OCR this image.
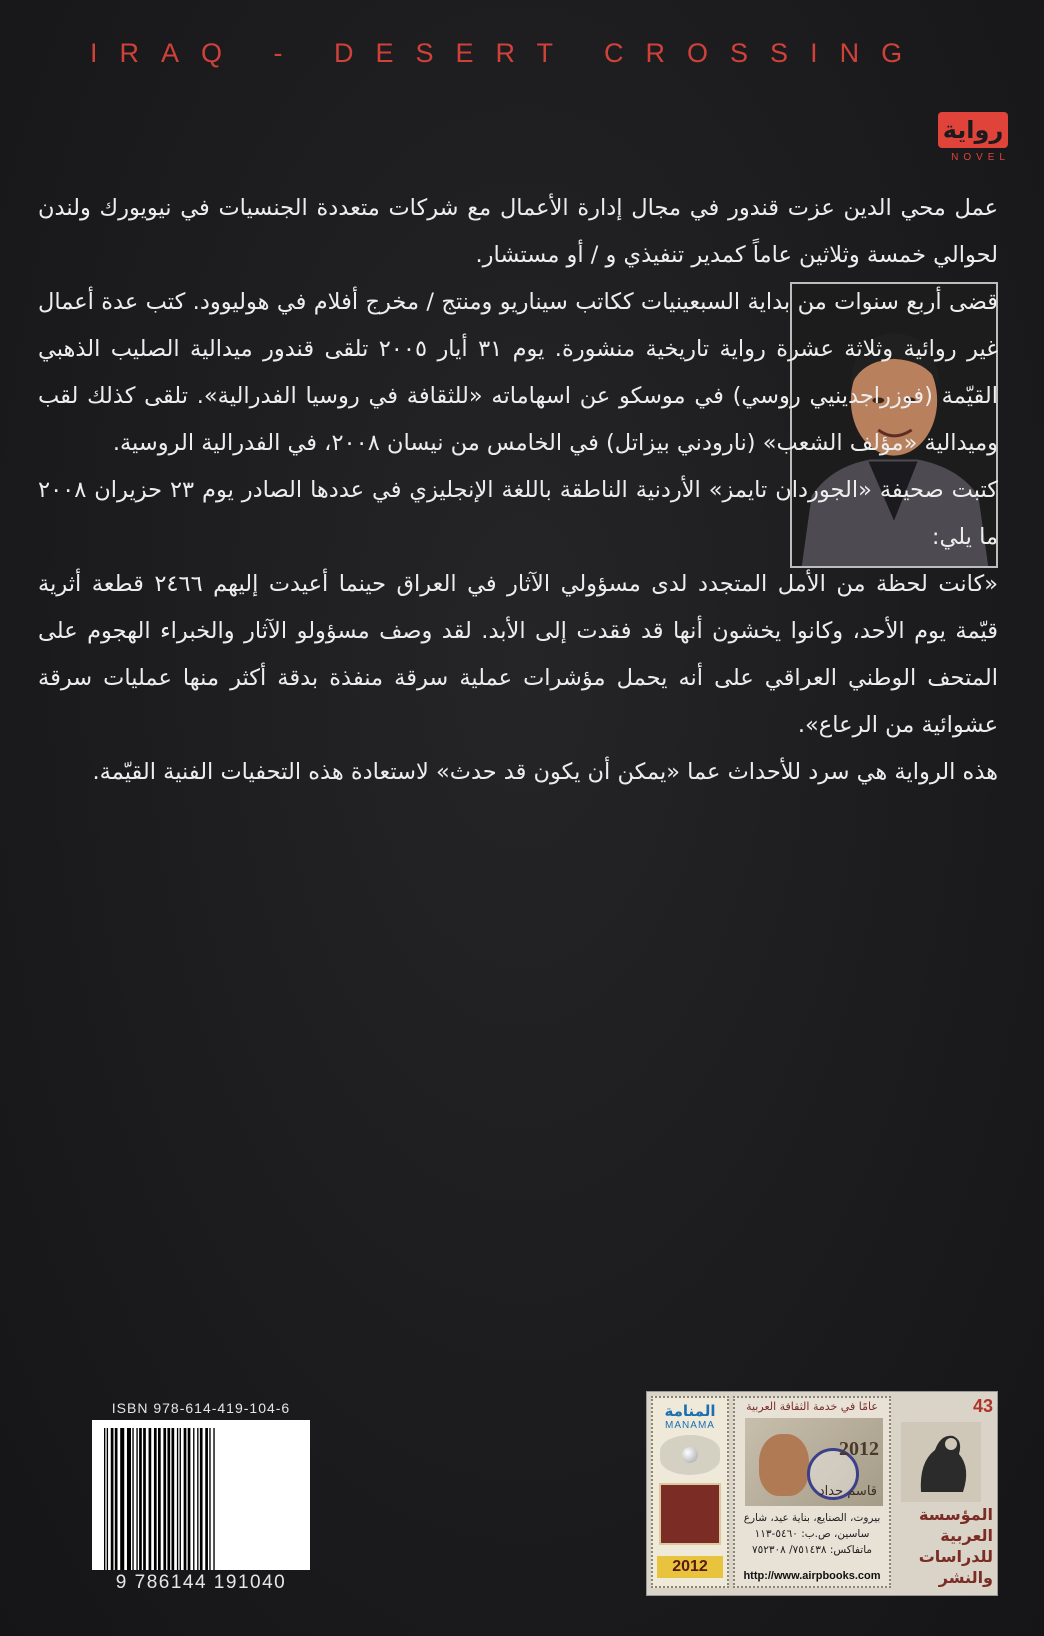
IRAQ - DESERT CROSSING
رواية
NOVEL

عمل محي الدين عزت قندور في مجال إدارة الأعمال مع شركات متعددة الجنسيات في نيويورك ولندن لحوالي خمسة وثلاثين عاماً كمدير تنفيذي و / أو مستشار.

قضى أربع سنوات من بداية السبعينيات ككاتب سيناريو ومنتج / مخرج أفلام في هوليوود. كتب عدة أعمال غير روائية وثلاثة عشرة رواية تاريخية منشورة. يوم ٣١ أيار ٢٠٠٥ تلقى قندور ميدالية الصليب الذهبي القيّمة (فوزراجدينيي روسي) في موسكو عن اسهاماته «للثقافة في روسيا الفدرالية». تلقى كذلك لقب وميدالية «مؤلف الشعب» (نارودني بيزاتل) في الخامس من نيسان ٢٠٠٨، في الفدرالية الروسية.

كتبت صحيفة «الجوردان تايمز» الأردنية الناطقة باللغة الإنجليزي في عددها الصادر يوم ٢٣ حزيران ٢٠٠٨ ما يلي:

«كانت لحظة من الأمل المتجدد لدى مسؤولي الآثار في العراق حينما أعيدت إليهم ٢٤٦٦ قطعة أثرية قيّمة يوم الأحد، وكانوا يخشون أنها قد فقدت إلى الأبد. لقد وصف مسؤولو الآثار والخبراء الهجوم على المتحف الوطني العراقي على أنه يحمل مؤشرات عملية سرقة منفذة بدقة أكثر منها عمليات سرقة عشوائية من الرعاع».

هذه الرواية هي سرد للأحداث عما «يمكن أن يكون قد حدث» لاستعادة هذه التحفيات الفنية القيّمة.

ISBN 978-614-419-104-6
9 786144 191040
المنامة
MANAMA
2012
عامًا في خدمة الثقافة العربية
2012
قاسم حداد
بيروت، الصنايع، بناية عيد، شارع ساسين، ص.ب: ٥٤٦٠-١١٣ ماتفاكس: ٧٥١٤٣٨/ ٧٥٢٣٠٨
http://www.airpbooks.com
43
المؤسسة العربية للدراسات والنشر
